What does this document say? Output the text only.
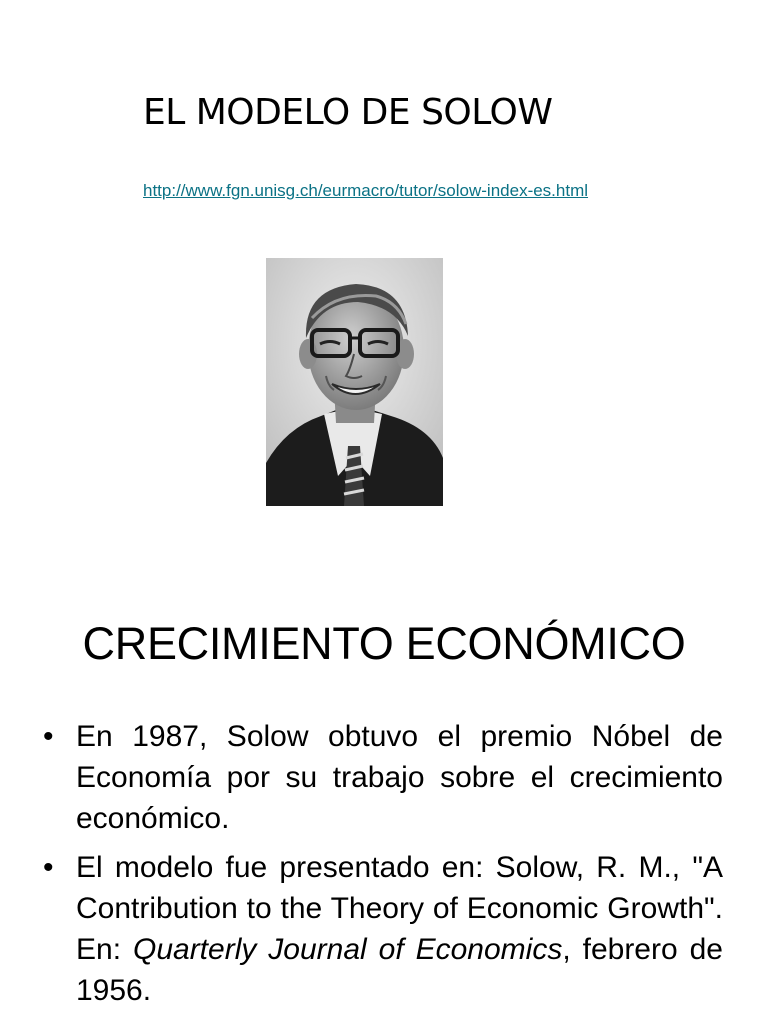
EL MODELO DE SOLOW
http://www.fgn.unisg.ch/eurmacro/tutor/solow-index-es.html
CRECIMIENTO ECONÓMICO
• En 1987, Solow obtuvo el premio Nóbel de Economía por su trabajo sobre el crecimiento económico.
• El modelo fue presentado en: Solow, R. M., "A Contribution to the Theory of Economic Growth". En: Quarterly Journal of Economics, febrero de 1956.
